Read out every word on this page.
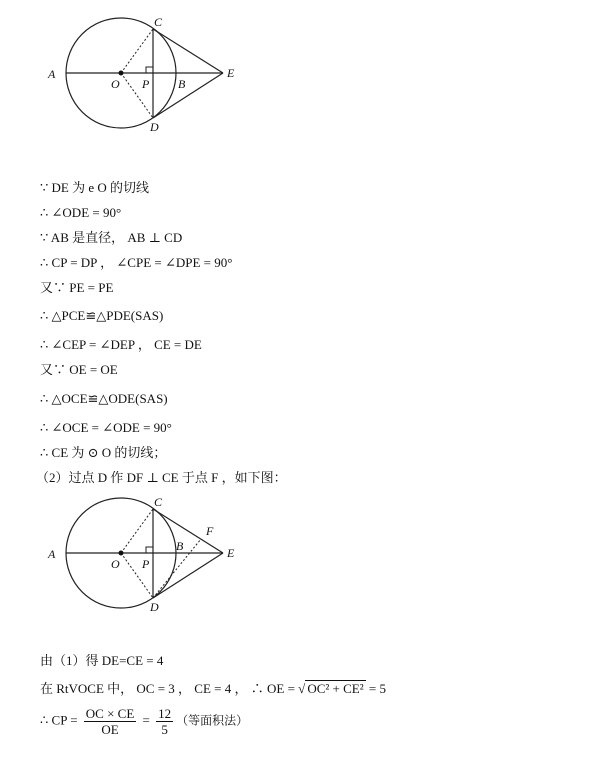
A
O P B
C
D
E
∵ DE 为 e O 的切线
∴ ∠ODE = 90°
∵ AB 是直径， AB ⊥ CD
∴ CP = DP ， ∠CPE = ∠DPE = 90°
又∵ PE = PE
∴ △PCE≌△PDE(SAS)
∴ ∠CEP = ∠DEP ， CE = DE
又∵ OE = OE
∴ △OCE≌△ODE(SAS)
∴ ∠OCE = ∠ODE = 90°
∴ CE 为 ⊙ O 的切线；
（2）过点 D 作 DF ⊥ CE 于点 F ，如下图：
A
O P
B
C
D
E
F
由（1）得 DE=CE = 4
在 RtVOCE 中， OC = 3 ， CE = 4 ， ∴ OE = √ OC² + CE² = 5
∴ CP = $\frac{OC \times CE}{OE} = \frac{12}{5}$ （等面积法）
